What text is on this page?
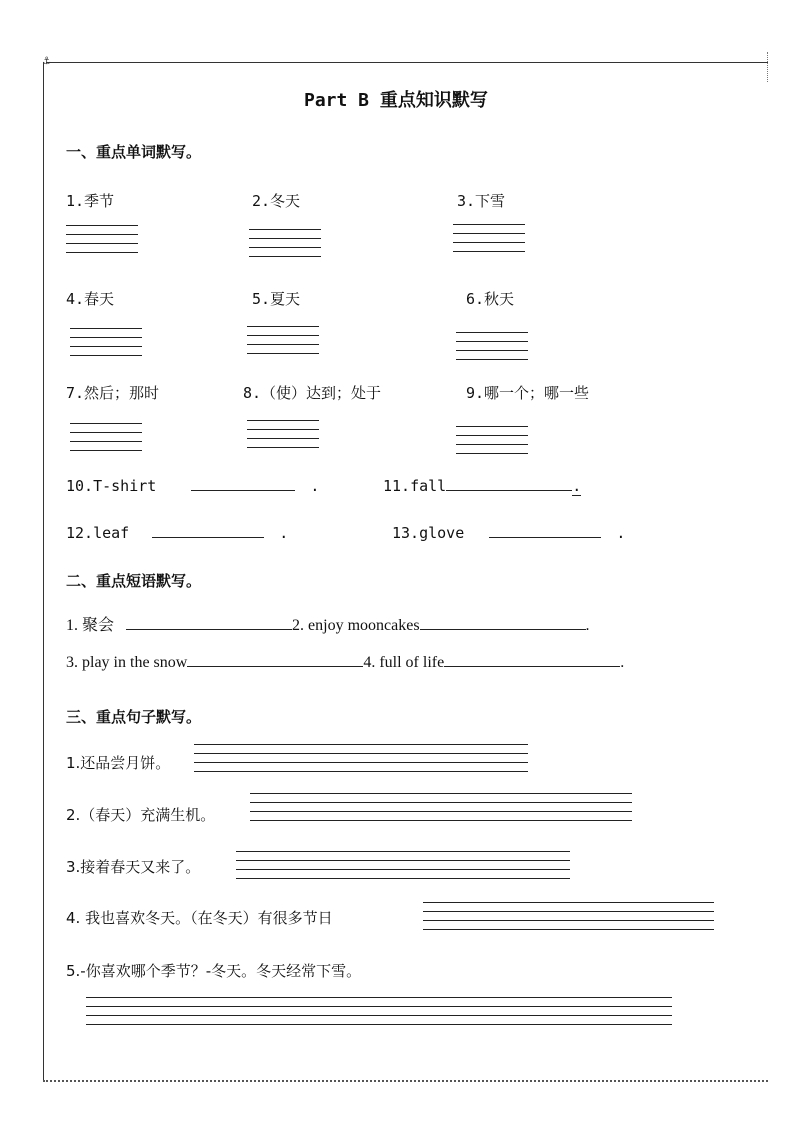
⚓
Part B 重点知识默写
一、重点单词默写。
1.季节	2.冬天	3.下雪
4.春天	5.夏天	6.秋天
7.然后；那时	8.（使）达到；处于	9.哪一个；哪一些
10.T-shirt	.	11.fall	.
12.leaf	.	13.glove	.
二、重点短语默写。
1. 聚会	2. enjoy mooncakes	.
3. play in the snow	4. full of life	.
三、重点句子默写。
1.还品尝月饼。
2.（春天）充满生机。
3.接着春天又来了。
4. 我也喜欢冬天。（在冬天）有很多节日
5.-你喜欢哪个季节？-冬天。冬天经常下雪。
